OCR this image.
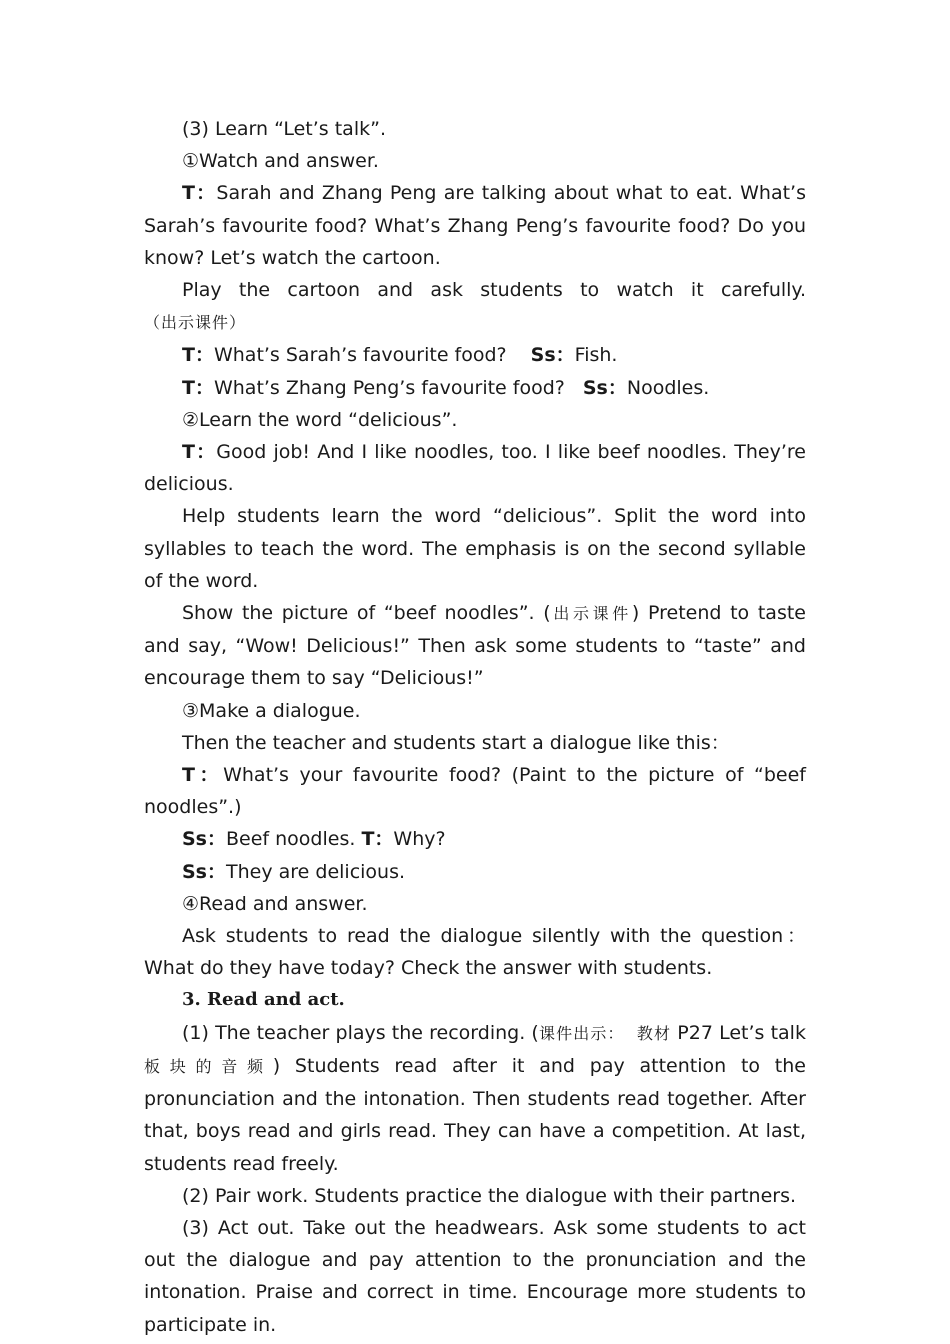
(3) Learn “Let’s talk”.

①Watch and answer.

T：Sarah and Zhang Peng are talking about what to eat. What’s Sarah’s favourite food? What’s Zhang Peng’s favourite food? Do you know? Let’s watch the cartoon.

Play the cartoon and ask students to watch it carefully. （出示课件）

T：What’s Sarah’s favourite food? Ss：Fish.

T：What’s Zhang Peng’s favourite food? Ss：Noodles.

②Learn the word “delicious”.

T：Good job! And I like noodles, too. I like beef noodles. They’re delicious.

Help students learn the word “delicious”. Split the word into syllables to teach the word. The emphasis is on the second syllable of the word.

Show the picture of “beef noodles”. (出示课件) Pretend to taste and say, “Wow! Delicious!” Then ask some students to “taste” and encourage them to say “Delicious!”

③Make a dialogue.

Then the teacher and students start a dialogue like this：

T：What’s your favourite food? (Paint to the picture of “beef noodles”.)

Ss：Beef noodles. T：Why?

Ss：They are delicious.

④Read and answer.

Ask students to read the dialogue silently with the question：What do they have today? Check the answer with students.

3. Read and act.

(1) The teacher plays the recording. (课件出示： 教材 P27 Let’s talk 板块的音频) Students read after it and pay attention to the pronunciation and the intonation. Then students read together. After that, boys read and girls read. They can have a competition. At last, students read freely.

(2) Pair work. Students practice the dialogue with their partners.

(3) Act out. Take out the headwears. Ask some students to act out the dialogue and pay attention to the pronunciation and the intonation. Praise and correct in time. Encourage more students to participate in.
